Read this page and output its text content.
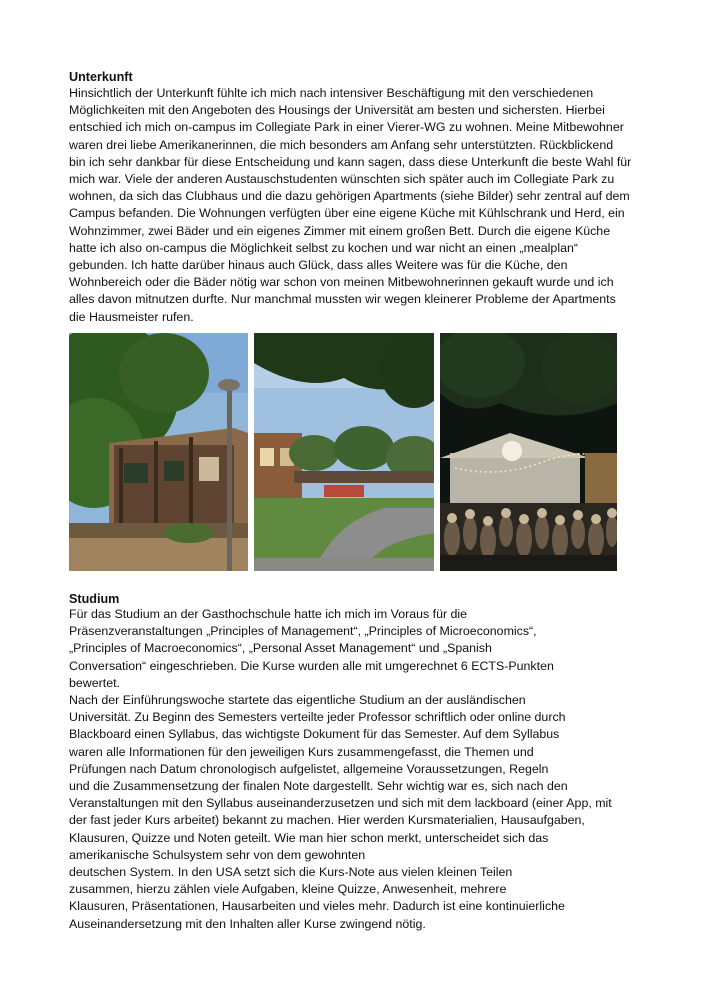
Unterkunft
Hinsichtlich der Unterkunft fühlte ich mich nach intensiver Beschäftigung mit den verschiedenen
Möglichkeiten mit den Angeboten des Housings der Universität am besten und sichersten. Hierbei
entschied ich mich on-campus im Collegiate Park in einer Vierer-WG zu wohnen. Meine Mitbewohner
waren drei liebe Amerikanerinnen, die mich besonders am Anfang sehr unterstützten. Rückblickend
bin ich sehr dankbar für diese Entscheidung und kann sagen, dass diese Unterkunft die beste Wahl für
mich war. Viele der anderen Austauschstudenten wünschten sich später auch im Collegiate Park zu
wohnen, da sich das Clubhaus und die dazu gehörigen Apartments (siehe Bilder) sehr zentral auf dem
Campus befanden. Die Wohnungen verfügten über eine eigene Küche mit Kühlschrank und Herd, ein
Wohnzimmer, zwei Bäder und ein eigenes Zimmer mit einem großen Bett. Durch die eigene Küche
hatte ich also on-campus die Möglichkeit selbst zu kochen und war nicht an einen „mealplan“
gebunden. Ich hatte darüber hinaus auch Glück, dass alles Weitere was für die Küche, den
Wohnbereich oder die Bäder nötig war schon von meinen Mitbewohnerinnen gekauft wurde und ich
alles davon mitnutzen durfte. Nur manchmal mussten wir wegen kleinerer Probleme der Apartments
die Hausmeister rufen.
Studium
Für das Studium an der Gasthochschule hatte ich mich im Voraus für die
Präsenzveranstaltungen „Principles of Management“, „Principles of Microeconomics“,
„Principles of Macroeconomics“, „Personal Asset Management“ und „Spanish
Conversation“ eingeschrieben. Die Kurse wurden alle mit umgerechnet 6 ECTS-Punkten
bewertet.
Nach der Einführungswoche startete das eigentliche Studium an der ausländischen
Universität. Zu Beginn des Semesters verteilte jeder Professor schriftlich oder online durch
Blackboard einen Syllabus, das wichtigste Dokument für das Semester. Auf dem Syllabus
waren alle Informationen für den jeweiligen Kurs zusammengefasst, die Themen und
Prüfungen nach Datum chronologisch aufgelistet, allgemeine Voraussetzungen, Regeln
und die Zusammensetzung der finalen Note dargestellt. Sehr wichtig war es, sich nach den
Veranstaltungen mit den Syllabus auseinanderzusetzen und sich mit dem lackboard (einer App, mit
der fast jeder Kurs arbeitet) bekannt zu machen. Hier werden Kursmaterialien, Hausaufgaben,
Klausuren, Quizze und Noten geteilt. Wie man hier schon merkt, unterscheidet sich das
amerikanische Schulsystem sehr von dem gewohnten
deutschen System. In den USA setzt sich die Kurs-Note aus vielen kleinen Teilen
zusammen, hierzu zählen viele Aufgaben, kleine Quizze, Anwesenheit, mehrere
Klausuren, Präsentationen, Hausarbeiten und vieles mehr. Dadurch ist eine kontinuierliche
Auseinandersetzung mit den Inhalten aller Kurse zwingend nötig.
